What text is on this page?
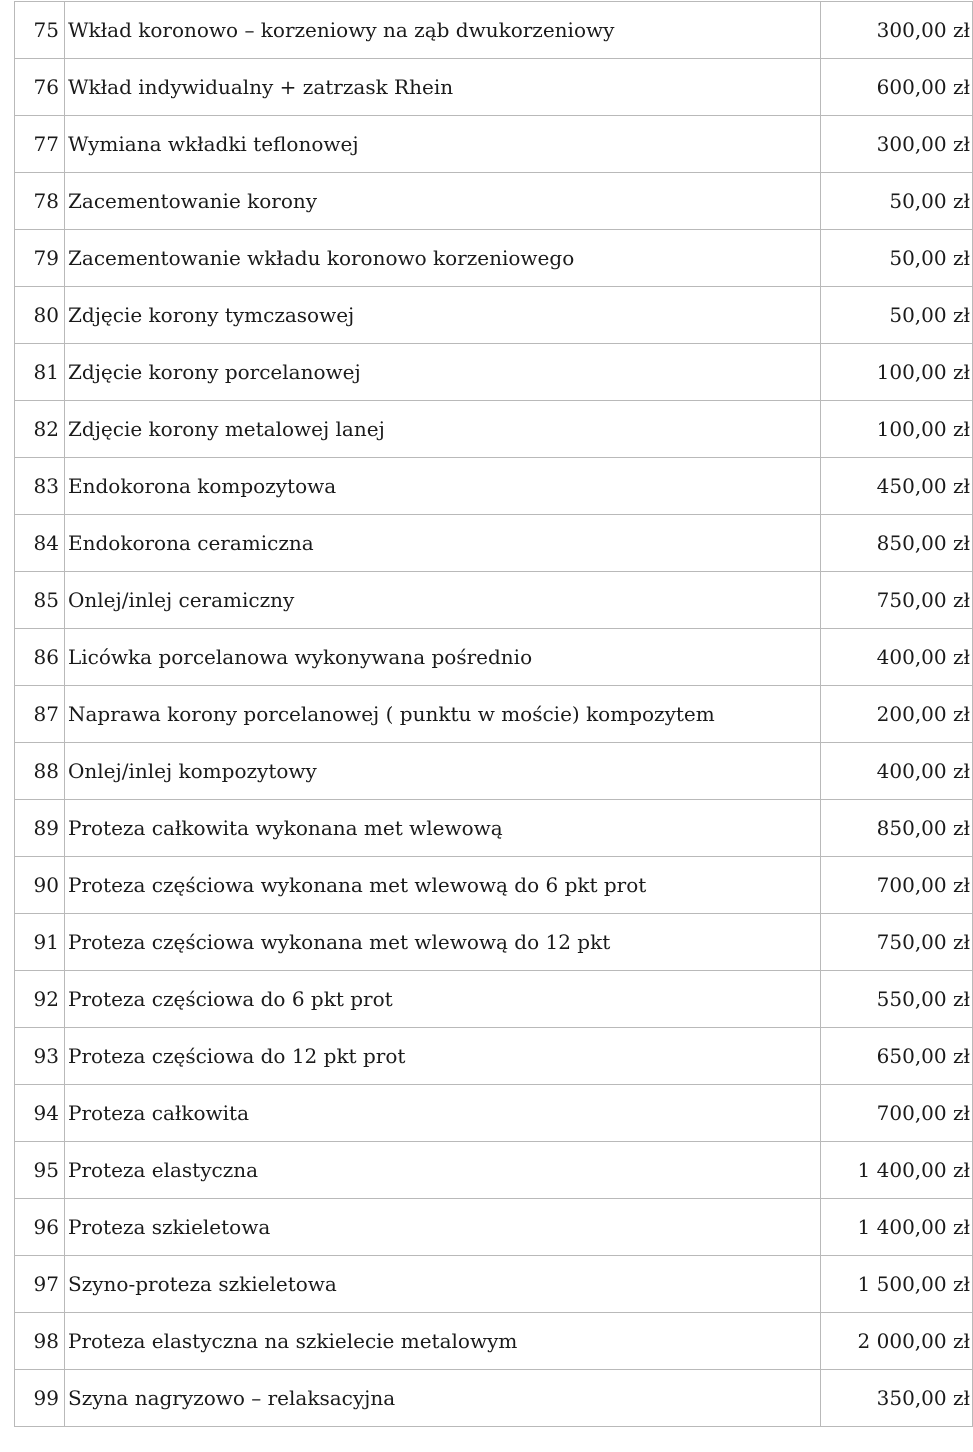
75	Wkład koronowo – korzeniowy na ząb dwukorzeniowy	300,00 zł
76	Wkład indywidualny + zatrzask Rhein	600,00 zł
77	Wymiana wkładki teflonowej	300,00 zł
78	Zacementowanie korony	50,00 zł
79	Zacementowanie wkładu koronowo korzeniowego	50,00 zł
80	Zdjęcie korony tymczasowej	50,00 zł
81	Zdjęcie korony porcelanowej	100,00 zł
82	Zdjęcie korony metalowej lanej	100,00 zł
83	Endokorona kompozytowa	450,00 zł
84	Endokorona ceramiczna	850,00 zł
85	Onlej/inlej ceramiczny	750,00 zł
86	Licówka porcelanowa wykonywana pośrednio	400,00 zł
87	Naprawa korony porcelanowej ( punktu w moście) kompozytem	200,00 zł
88	Onlej/inlej kompozytowy	400,00 zł
89	Proteza całkowita wykonana met wlewową	850,00 zł
90	Proteza częściowa wykonana met wlewową do 6 pkt prot	700,00 zł
91	Proteza częściowa wykonana met wlewową do 12 pkt	750,00 zł
92	Proteza częściowa do 6 pkt prot	550,00 zł
93	Proteza częściowa do 12 pkt prot	650,00 zł
94	Proteza całkowita	700,00 zł
95	Proteza elastyczna	1 400,00 zł
96	Proteza szkieletowa	1 400,00 zł
97	Szyno-proteza szkieletowa	1 500,00 zł
98	Proteza elastyczna na szkielecie metalowym	2 000,00 zł
99	Szyna nagryzowo – relaksacyjna	350,00 zł
